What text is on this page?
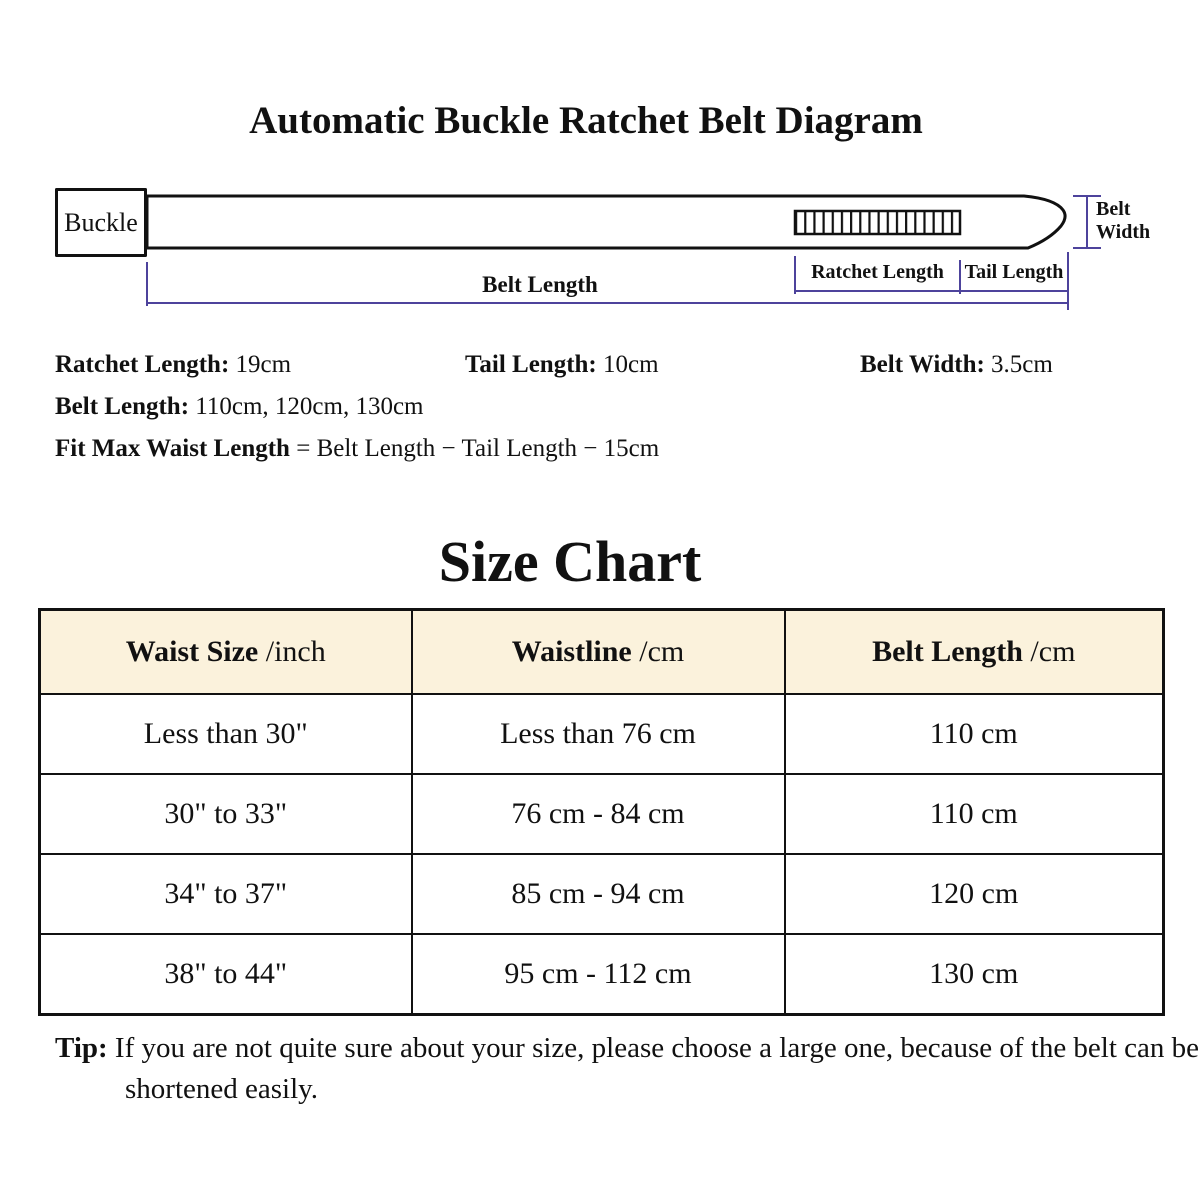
Automatic Buckle Ratchet Belt Diagram
Buckle
Belt Length	Ratchet Length	Tail Length
Belt
Width
Ratchet Length: 19cm	Tail Length: 10cm	Belt Width: 3.5cm
Belt Length: 110cm, 120cm, 130cm
Fit Max Waist Length = Belt Length − Tail Length − 15cm
Size Chart
Waist Size /inch	Waistline /cm	Belt Length /cm
Less than 30"	Less than 76 cm	110 cm
30" to 33"	76 cm - 84 cm	110 cm
34" to 37"	85 cm - 94 cm	120 cm
38" to 44"	95 cm - 112 cm	130 cm
Tip: If you are not quite sure about your size, please choose a large one, because of the belt can be shortened easily.
